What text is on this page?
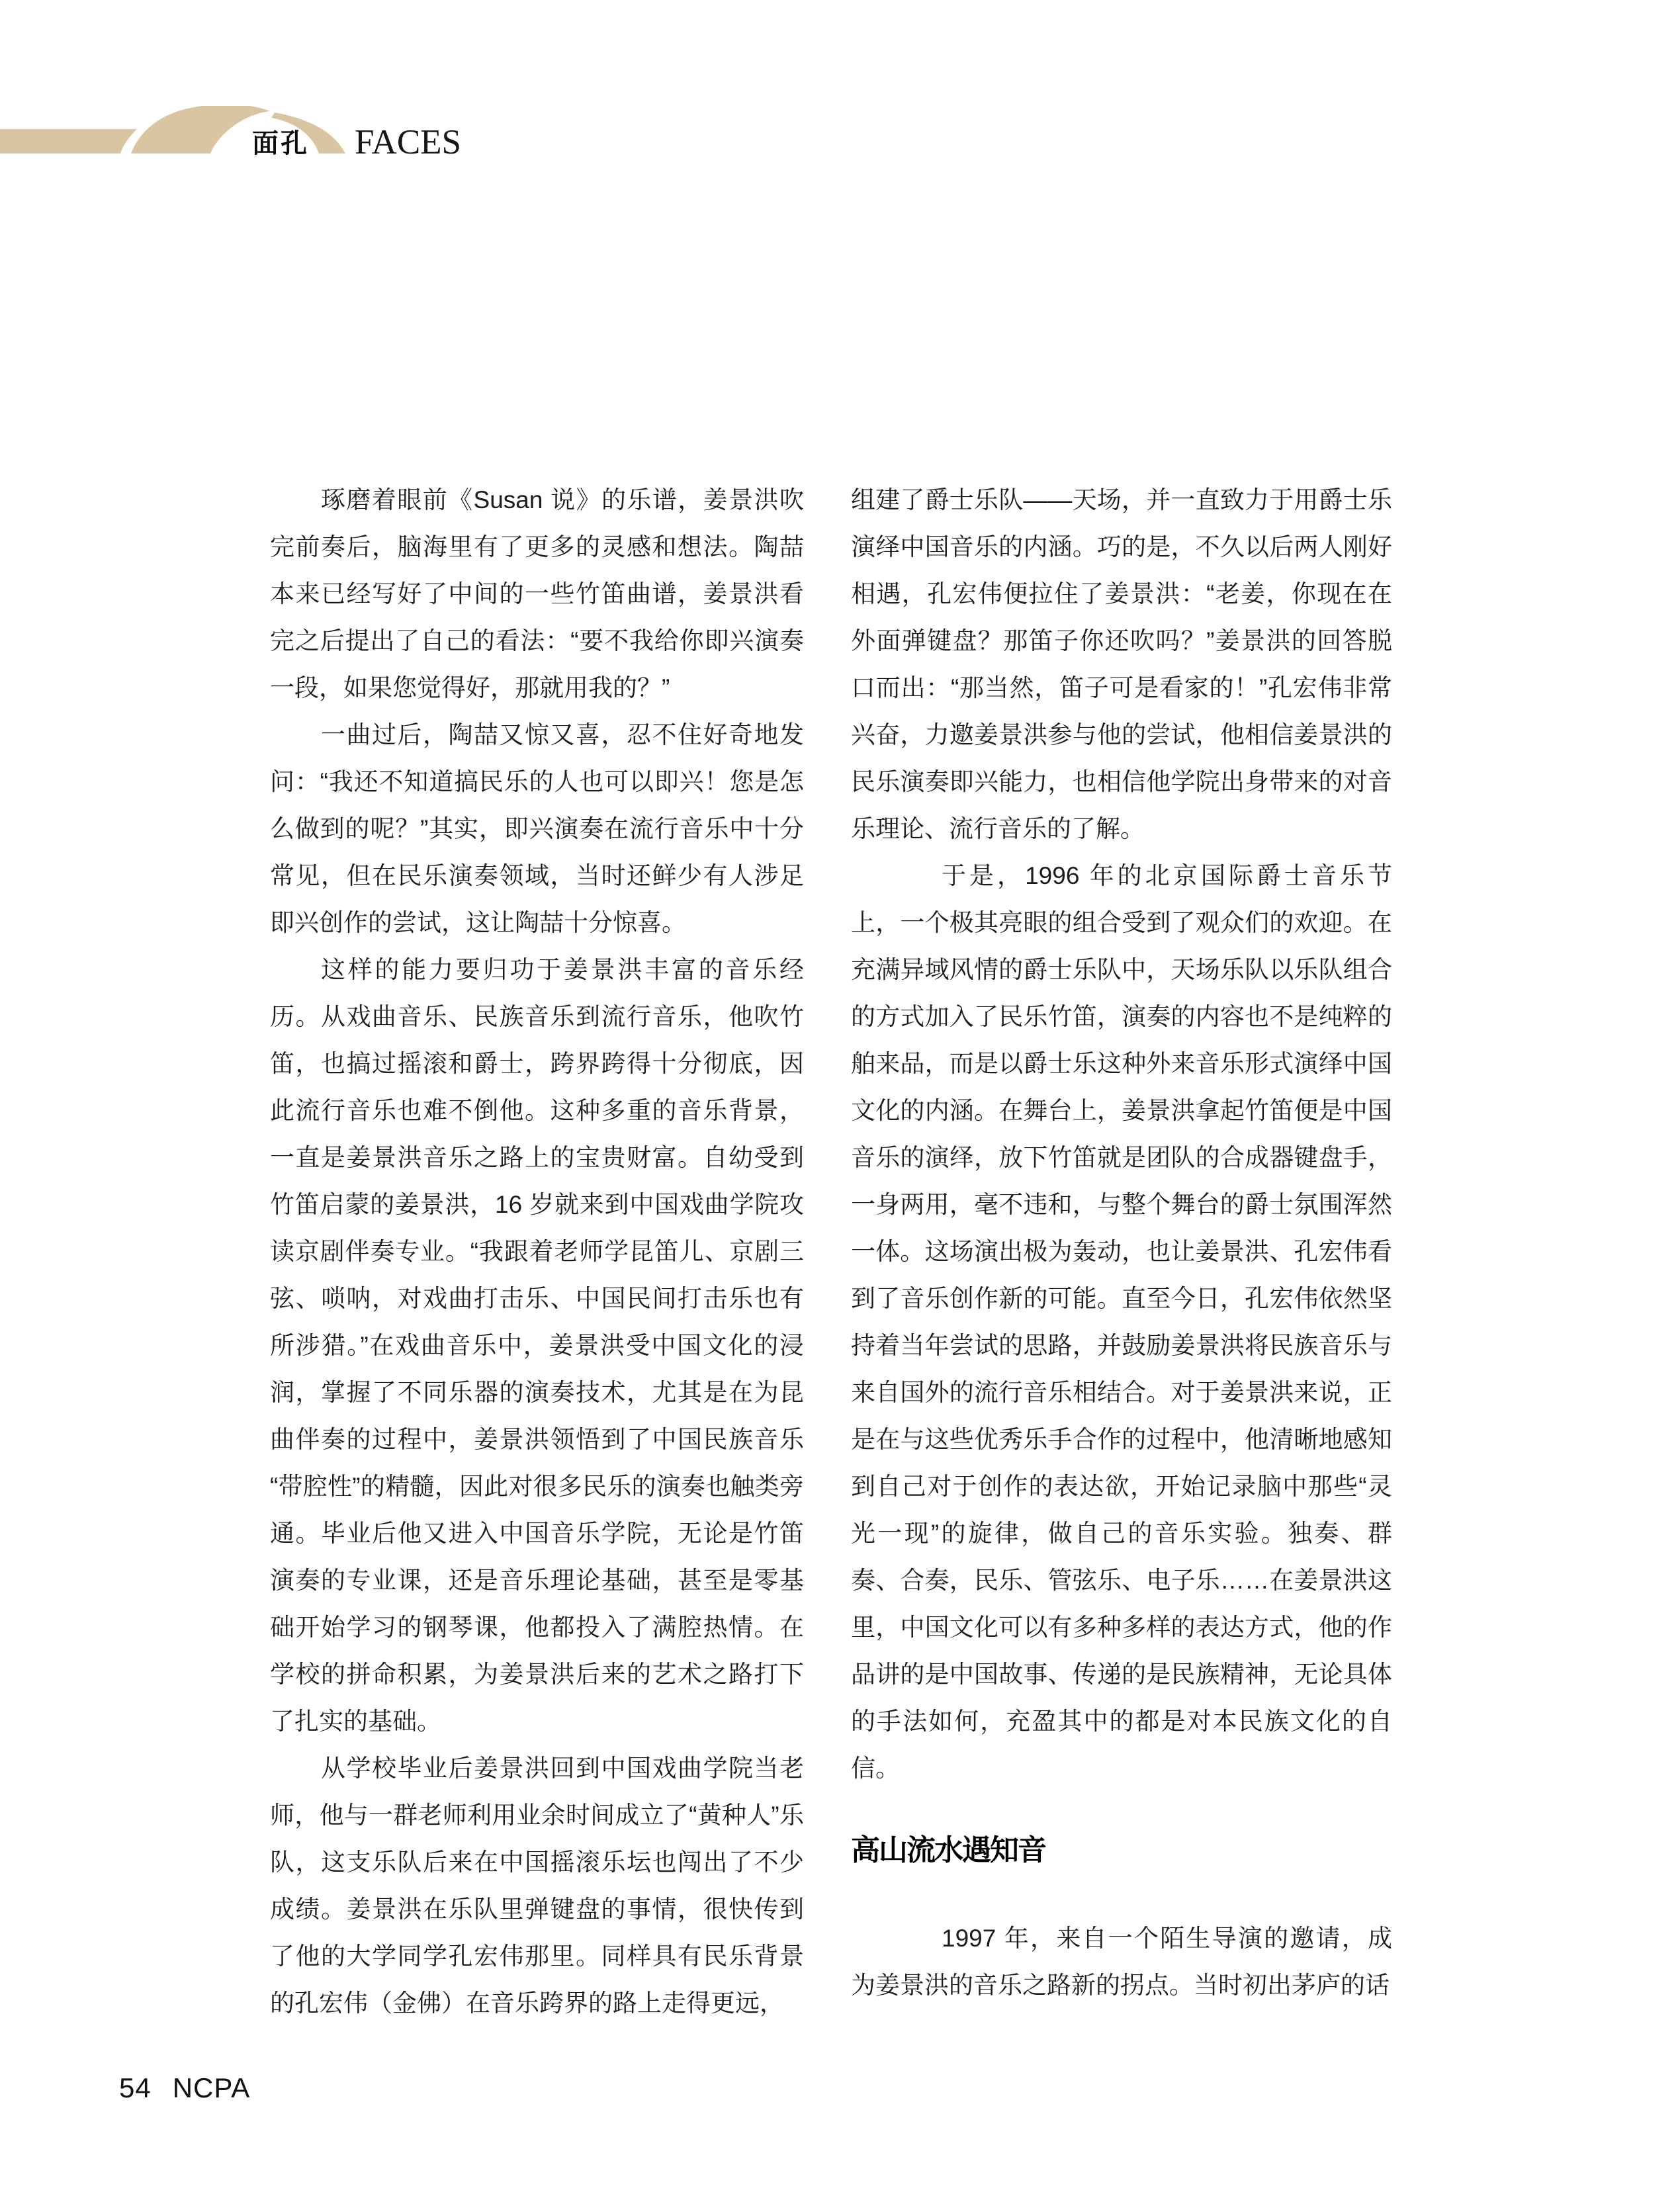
面孔 FACES

琢磨着眼前《Susan 说》的乐谱，姜景洪吹完前奏后，脑海里有了更多的灵感和想法。陶喆本来已经写好了中间的一些竹笛曲谱，姜景洪看完之后提出了自己的看法：“要不我给你即兴演奏一段，如果您觉得好，那就用我的？”

一曲过后，陶喆又惊又喜，忍不住好奇地发问：“我还不知道搞民乐的人也可以即兴！您是怎么做到的呢？”其实，即兴演奏在流行音乐中十分常见，但在民乐演奏领域，当时还鲜少有人涉足即兴创作的尝试，这让陶喆十分惊喜。

这样的能力要归功于姜景洪丰富的音乐经历。从戏曲音乐、民族音乐到流行音乐，他吹竹笛，也搞过摇滚和爵士，跨界跨得十分彻底，因此流行音乐也难不倒他。这种多重的音乐背景，一直是姜景洪音乐之路上的宝贵财富。自幼受到竹笛启蒙的姜景洪，16 岁就来到中国戏曲学院攻读京剧伴奏专业。“我跟着老师学昆笛儿、京剧三弦、唢呐，对戏曲打击乐、中国民间打击乐也有所涉猎。”在戏曲音乐中，姜景洪受中国文化的浸润，掌握了不同乐器的演奏技术，尤其是在为昆曲伴奏的过程中，姜景洪领悟到了中国民族音乐“带腔性”的精髓，因此对很多民乐的演奏也触类旁通。毕业后他又进入中国音乐学院，无论是竹笛演奏的专业课，还是音乐理论基础，甚至是零基础开始学习的钢琴课，他都投入了满腔热情。在学校的拼命积累，为姜景洪后来的艺术之路打下了扎实的基础。

从学校毕业后姜景洪回到中国戏曲学院当老师，他与一群老师利用业余时间成立了“黄种人”乐队，这支乐队后来在中国摇滚乐坛也闯出了不少成绩。姜景洪在乐队里弹键盘的事情，很快传到了他的大学同学孔宏伟那里。同样具有民乐背景的孔宏伟（金佛）在音乐跨界的路上走得更远，

组建了爵士乐队——天场，并一直致力于用爵士乐演绎中国音乐的内涵。巧的是，不久以后两人刚好相遇，孔宏伟便拉住了姜景洪：“老姜，你现在在外面弹键盘？那笛子你还吹吗？”姜景洪的回答脱口而出：“那当然，笛子可是看家的！”孔宏伟非常兴奋，力邀姜景洪参与他的尝试，他相信姜景洪的民乐演奏即兴能力，也相信他学院出身带来的对音乐理论、流行音乐的了解。

于是，1996 年的北京国际爵士音乐节上，一个极其亮眼的组合受到了观众们的欢迎。在充满异域风情的爵士乐队中，天场乐队以乐队组合的方式加入了民乐竹笛，演奏的内容也不是纯粹的舶来品，而是以爵士乐这种外来音乐形式演绎中国文化的内涵。在舞台上，姜景洪拿起竹笛便是中国音乐的演绎，放下竹笛就是团队的合成器键盘手，一身两用，毫不违和，与整个舞台的爵士氛围浑然一体。这场演出极为轰动，也让姜景洪、孔宏伟看到了音乐创作新的可能。直至今日，孔宏伟依然坚持着当年尝试的思路，并鼓励姜景洪将民族音乐与来自国外的流行音乐相结合。对于姜景洪来说，正是在与这些优秀乐手合作的过程中，他清晰地感知到自己对于创作的表达欲，开始记录脑中那些“灵光一现”的旋律，做自己的音乐实验。独奏、群奏、合奏，民乐、管弦乐、电子乐……在姜景洪这里，中国文化可以有多种多样的表达方式，他的作品讲的是中国故事、传递的是民族精神，无论具体的手法如何，充盈其中的都是对本民族文化的自信。

高山流水遇知音

1997 年，来自一个陌生导演的邀请，成为姜景洪的音乐之路新的拐点。当时初出茅庐的话

54 NCPA
